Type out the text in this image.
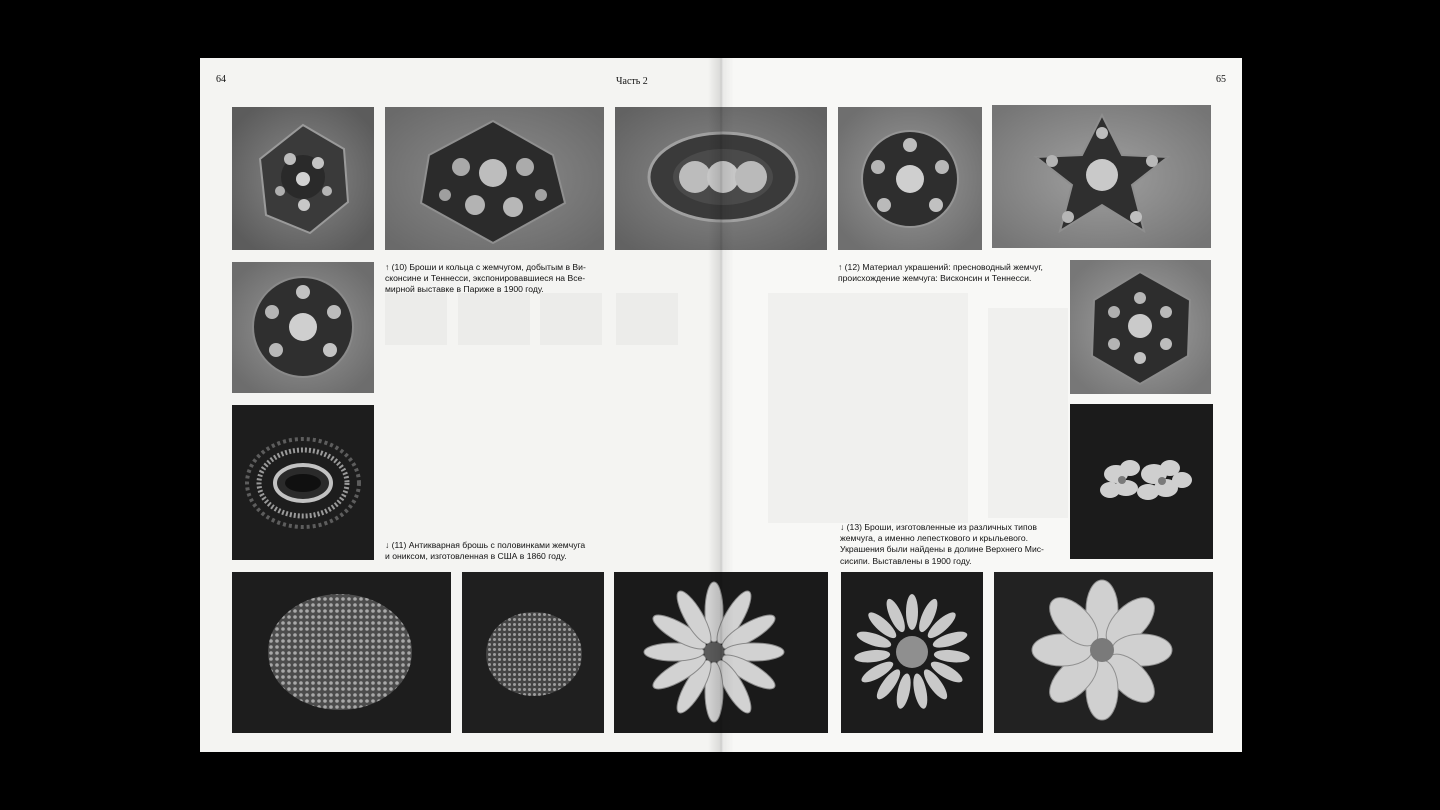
64	Часть 2	65
↑ (10) Броши и кольца с жемчугом, добытым в Ви-
сконсине и Теннесси, экспонировавшиеся на Все-
мирной выставке в Париже в 1900 году.
↑ (12) Материал украшений: пресноводный жемчуг,
происхождение жемчуга: Висконсин и Теннесси.
↓ (11) Антикварная брошь с половинками жемчуга
и ониксом, изготовленная в США в 1860 году.
↓ (13) Броши, изготовленные из различных типов
жемчуга, а именно лепесткового и крыльевого.
Украшения были найдены в долине Верхнего Мис-
сисипи. Выставлены в 1900 году.
